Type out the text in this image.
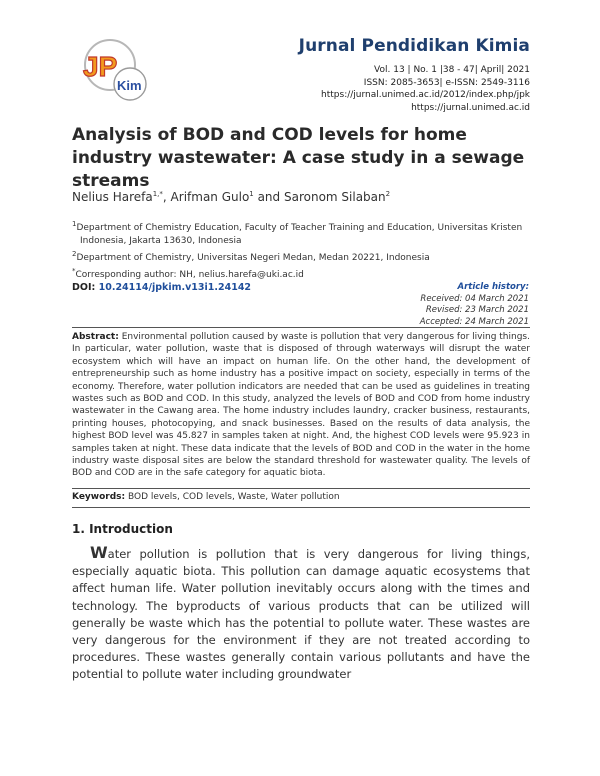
JP
Kim
Jurnal Pendidikan Kimia
Vol. 13 | No. 1 |38 - 47| April| 2021
ISSN: 2085-3653| e-ISSN: 2549-3116
https://jurnal.unimed.ac.id/2012/index.php/jpk
https://jurnal.unimed.ac.id
Analysis of BOD and COD levels for home industry wastewater: A case study in a sewage streams
Nelius Harefa$^{1,*}$, Arifman Gulo$^1$ and Saronom Silaban$^2$
$^1$Department of Chemistry Education, Faculty of Teacher Training and Education, Universitas Kristen
Indonesia, Jakarta 13630, Indonesia
$^2$Department of Chemistry, Universitas Negeri Medan, Medan 20221, Indonesia
*Corresponding author: NH, nelius.harefa@uki.ac.id
DOI: 10.24114/jpkim.v13i1.24142	Article history:
Received: 04 March 2021
Revised: 23 March 2021
Accepted: 24 March 2021
Abstract: Environmental pollution caused by waste is pollution that very dangerous for living things. In particular, water pollution, waste that is disposed of through waterways will disrupt the water ecosystem which will have an impact on human life. On the other hand, the development of entrepreneurship such as home industry has a positive impact on society, especially in terms of the economy. Therefore, water pollution indicators are needed that can be used as guidelines in treating wastes such as BOD and COD. In this study, analyzed the levels of BOD and COD from home industry wastewater in the Cawang area. The home industry includes laundry, cracker business, restaurants, printing houses, photocopying, and snack businesses. Based on the results of data analysis, the highest BOD level was 45.827 in samples taken at night. And, the highest COD levels were 95.923 in samples taken at night. These data indicate that the levels of BOD and COD in the water in the home industry waste disposal sites are below the standard threshold for wastewater quality. The levels of BOD and COD are in the safe category for aquatic biota.
Keywords: BOD levels, COD levels, Waste, Water pollution
1. Introduction
Water pollution is pollution that is very dangerous for living things, especially aquatic biota. This pollution can damage aquatic ecosystems that affect human life. Water pollution inevitably occurs along with the times and technology. The byproducts of various products that can be utilized will generally be waste which has the potential to pollute water. These wastes are very dangerous for the environment if they are not treated according to procedures. These wastes generally contain various pollutants and have the potential to pollute water including groundwater
